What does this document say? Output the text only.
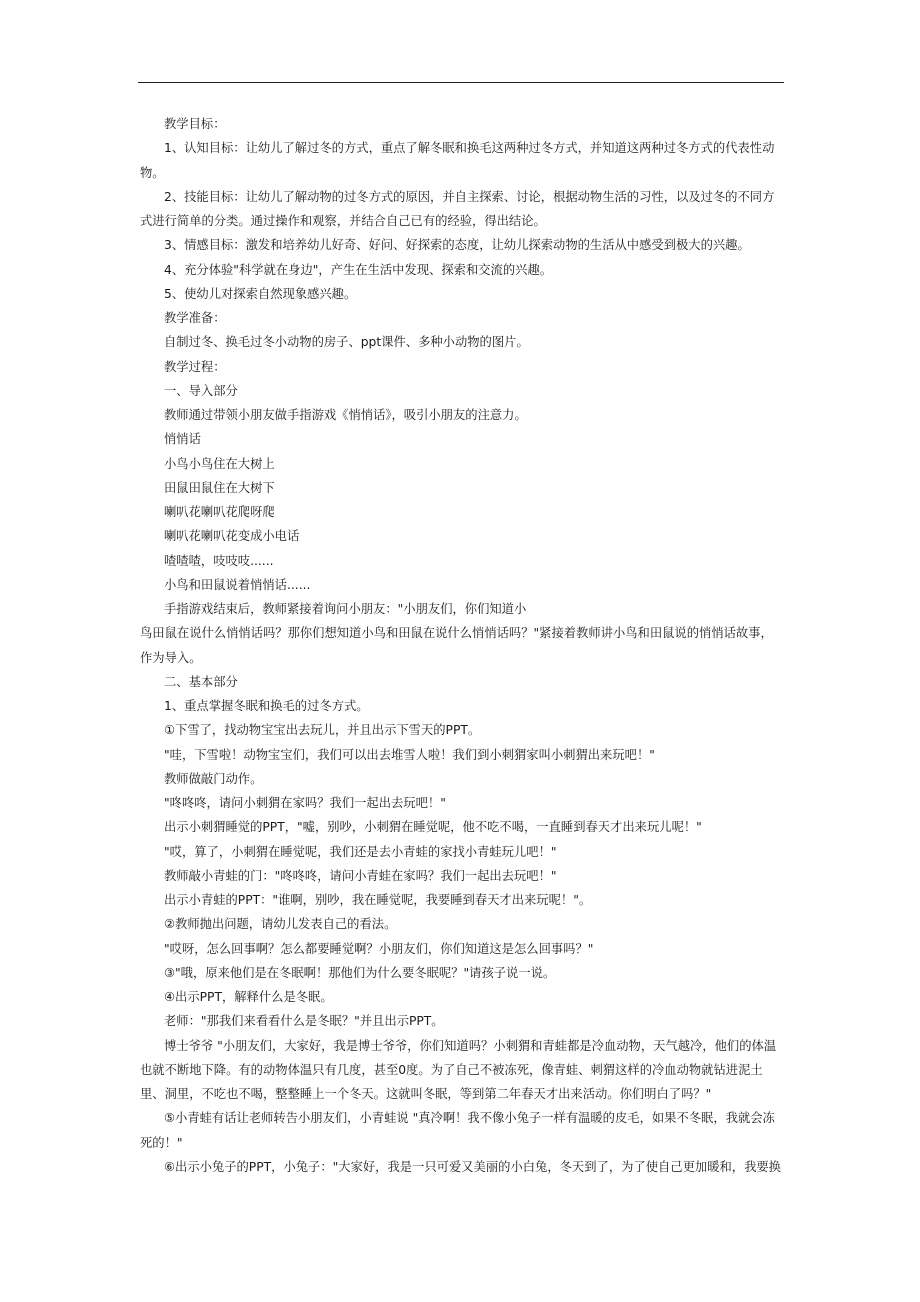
教学目标：

1、认知目标：让幼儿了解过冬的方式，重点了解冬眠和换毛这两种过冬方式，并知道这两种过冬方式的代表性动物。

2、技能目标：让幼儿了解动物的过冬方式的原因，并自主探索、讨论，根据动物生活的习性，以及过冬的不同方式进行简单的分类。通过操作和观察，并结合自己已有的经验，得出结论。

3、情感目标：激发和培养幼儿好奇、好问、好探索的态度，让幼儿探索动物的生活从中感受到极大的兴趣。

4、充分体验"科学就在身边"，产生在生活中发现、探索和交流的兴趣。

5、使幼儿对探索自然现象感兴趣。

教学准备：

自制过冬、换毛过冬小动物的房子、ppt课件、多种小动物的图片。

教学过程：

一、导入部分

教师通过带领小朋友做手指游戏《悄悄话》，吸引小朋友的注意力。

悄悄话

小鸟小鸟住在大树上

田鼠田鼠住在大树下

喇叭花喇叭花爬呀爬

喇叭花喇叭花变成小电话

喳喳喳，吱吱吱......

小鸟和田鼠说着悄悄话......

手指游戏结束后，教师紧接着询问小朋友："小朋友们，你们知道小

鸟田鼠在说什么悄悄话吗？那你们想知道小鸟和田鼠在说什么悄悄话吗？"紧接着教师讲小鸟和田鼠说的悄悄话故事，作为导入。

二、基本部分

1、重点掌握冬眠和换毛的过冬方式。

①下雪了，找动物宝宝出去玩儿，并且出示下雪天的PPT。

"哇，下雪啦！动物宝宝们，我们可以出去堆雪人啦！我们到小刺猬家叫小刺猬出来玩吧！"

教师做敲门动作。

"咚咚咚，请问小刺猬在家吗？我们一起出去玩吧！"

出示小刺猬睡觉的PPT，"嘘，别吵，小刺猬在睡觉呢，他不吃不喝，一直睡到春天才出来玩儿呢！"

"哎，算了，小刺猬在睡觉呢，我们还是去小青蛙的家找小青蛙玩儿吧！"

教师敲小青蛙的门："咚咚咚，请问小青蛙在家吗？我们一起出去玩吧！"

出示小青蛙的PPT："谁啊，别吵，我在睡觉呢，我要睡到春天才出来玩呢！"。

②教师抛出问题，请幼儿发表自己的看法。

"哎呀，怎么回事啊？怎么都要睡觉啊？小朋友们，你们知道这是怎么回事吗？"

③"哦，原来他们是在冬眠啊！那他们为什么要冬眠呢？"请孩子说一说。

④出示PPT，解释什么是冬眠。

老师："那我们来看看什么是冬眠？"并且出示PPT。

博士爷爷 "小朋友们，大家好，我是博士爷爷，你们知道吗？小刺猬和青蛙都是冷血动物，天气越冷，他们的体温也就不断地下降。有的动物体温只有几度，甚至0度。为了自己不被冻死，像青蛙、刺猬这样的冷血动物就钻进泥土里、洞里，不吃也不喝，整整睡上一个冬天。这就叫冬眠，等到第二年春天才出来活动。你们明白了吗？"

⑤小青蛙有话让老师转告小朋友们，小青蛙说 "真冷啊！我不像小兔子一样有温暖的皮毛，如果不冬眠，我就会冻死的！"

⑥出示小兔子的PPT，小兔子："大家好，我是一只可爱又美丽的小白兔，冬天到了，为了使自己更加暖和，我要换
